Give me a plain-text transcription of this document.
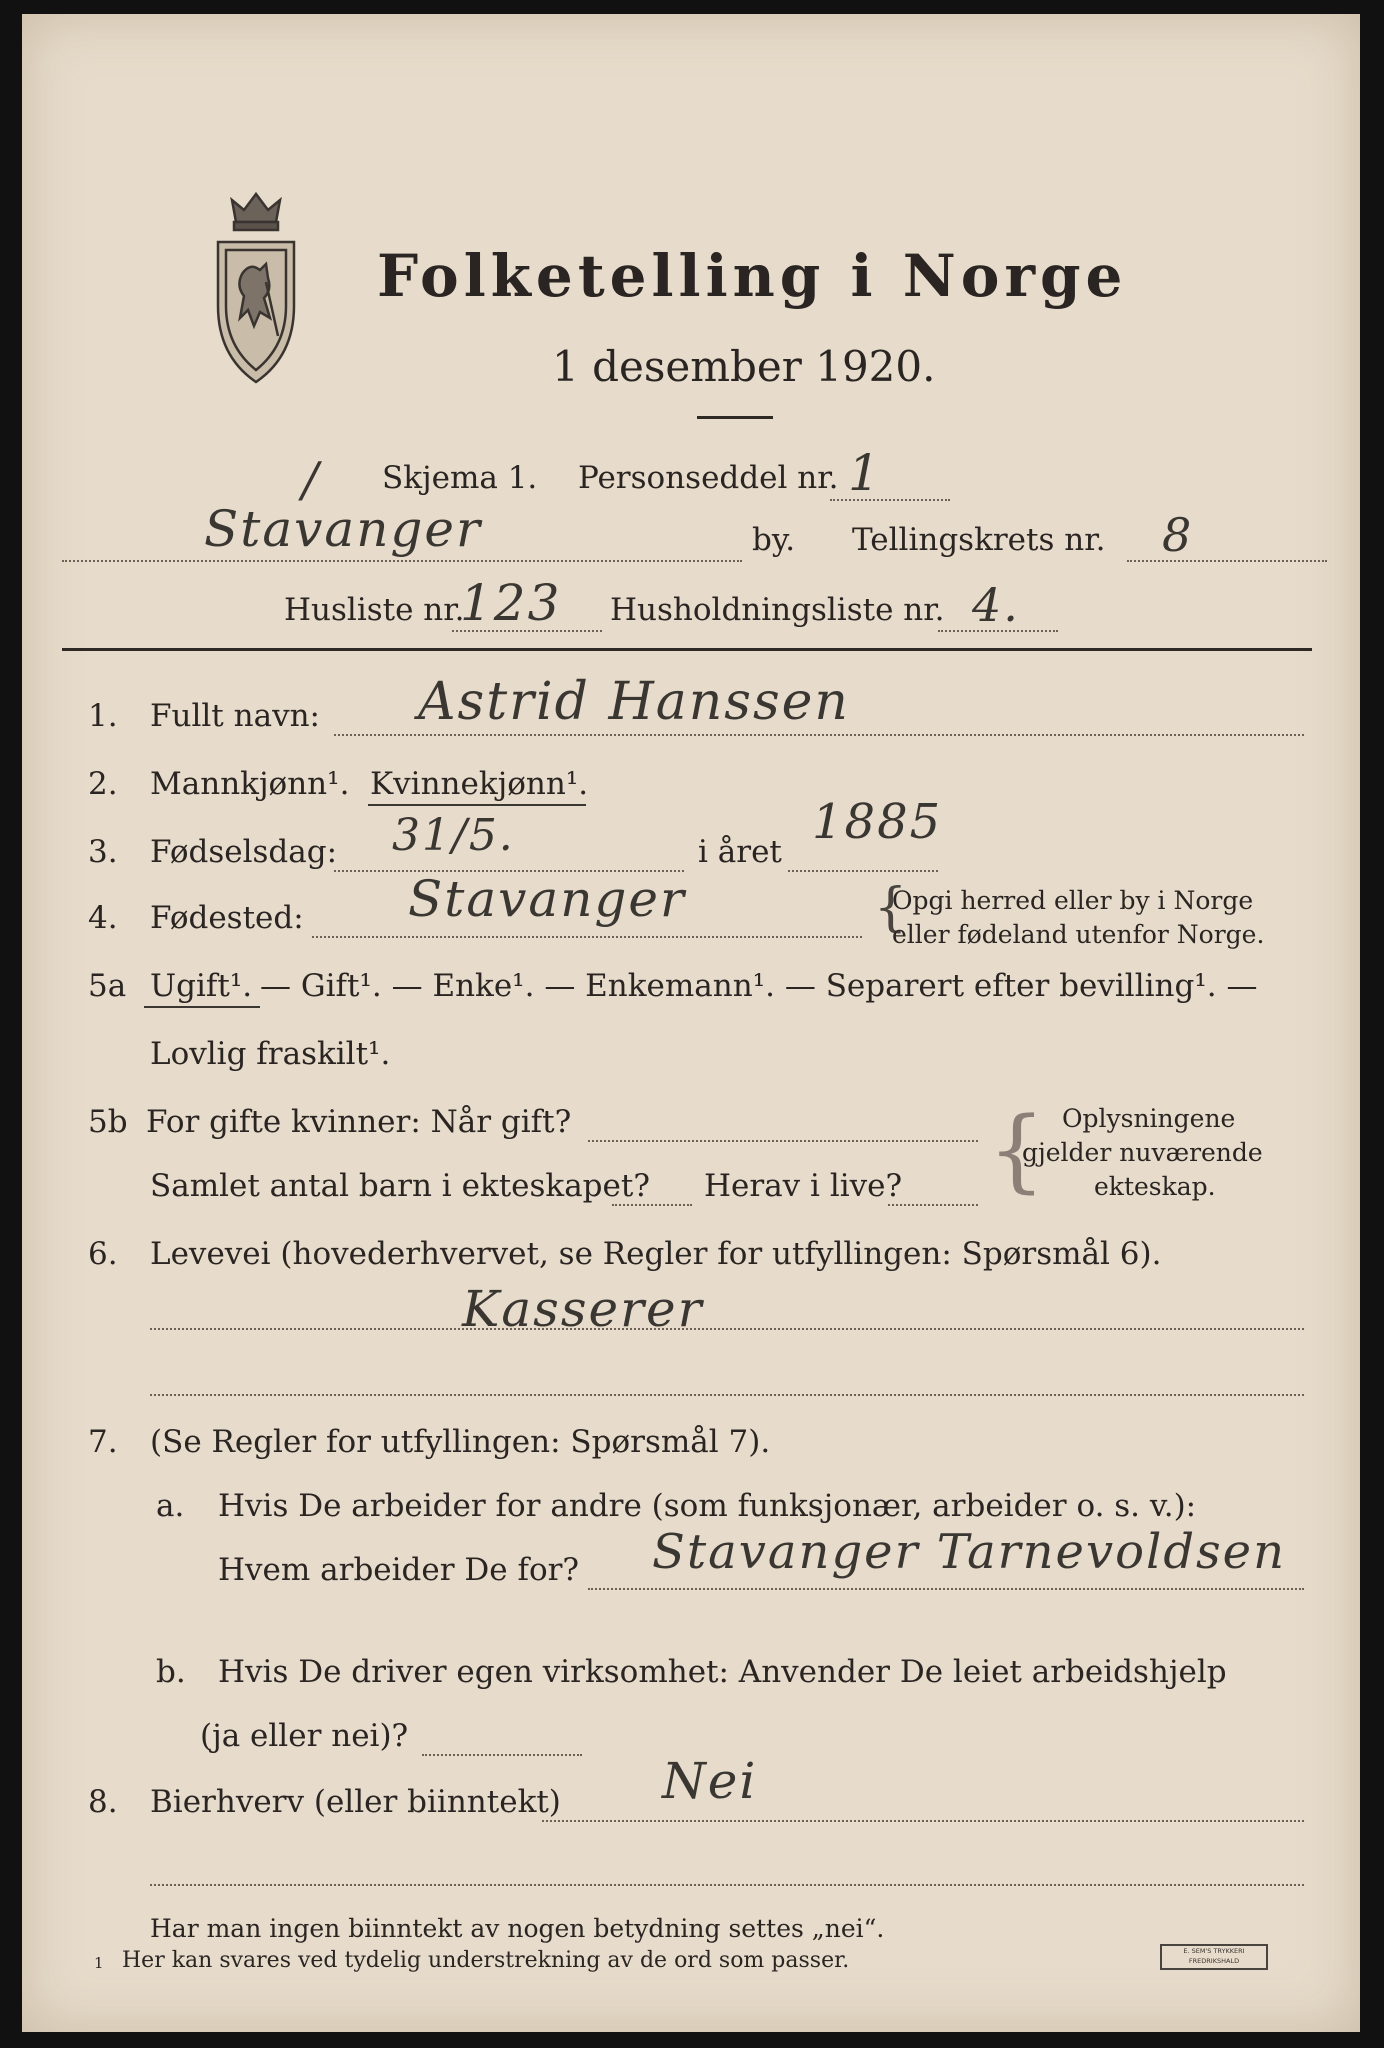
Folketelling i Norge
1 desember 1920.
/ Skjema 1. Personseddel nr. 1
Stavanger	by. Tellingskrets nr. 8
Husliste nr.
123 Husholdningsliste nr. 4.
1. Fullt navn: Astrid Hanssen
2. Mannkjønn¹. Kvinnekjønn¹.
3. Fødselsdag: 31/5.	i året
1885
4. Fødested: Stavanger	{
Opgi herred eller by i Norge
eller fødeland utenfor Norge.
5a Ugift¹. — Gift¹. — Enke¹. — Enkemann¹. — Separert efter bevilling¹. —
Lovlig fraskilt¹.
5b For gifte kvinner: Når gift?
Samlet antal barn i ekteskapet? Herav i live? { Oplysningene
gjelder nuværende
ekteskap.
6. Levevei (hovederhvervet, se Regler for utfyllingen: Spørsmål 6).
Kasserer
7. (Se Regler for utfyllingen: Spørsmål 7).
a. Hvis De arbeider for andre (som funksjonær, arbeider o. s. v.):
Hvem arbeider De for? Stavanger Tarnevoldsen
b. Hvis De driver egen virksomhet: Anvender De leiet arbeidshjelp
(ja eller nei)?
8. Bierhverv (eller biinntekt) Nei
Har man ingen biinntekt av nogen betydning settes „nei“.
1 Her kan svares ved tydelig understrekning av de ord som passer.	E. SEM'S TRYKKERI
FREDRIKSHALD
